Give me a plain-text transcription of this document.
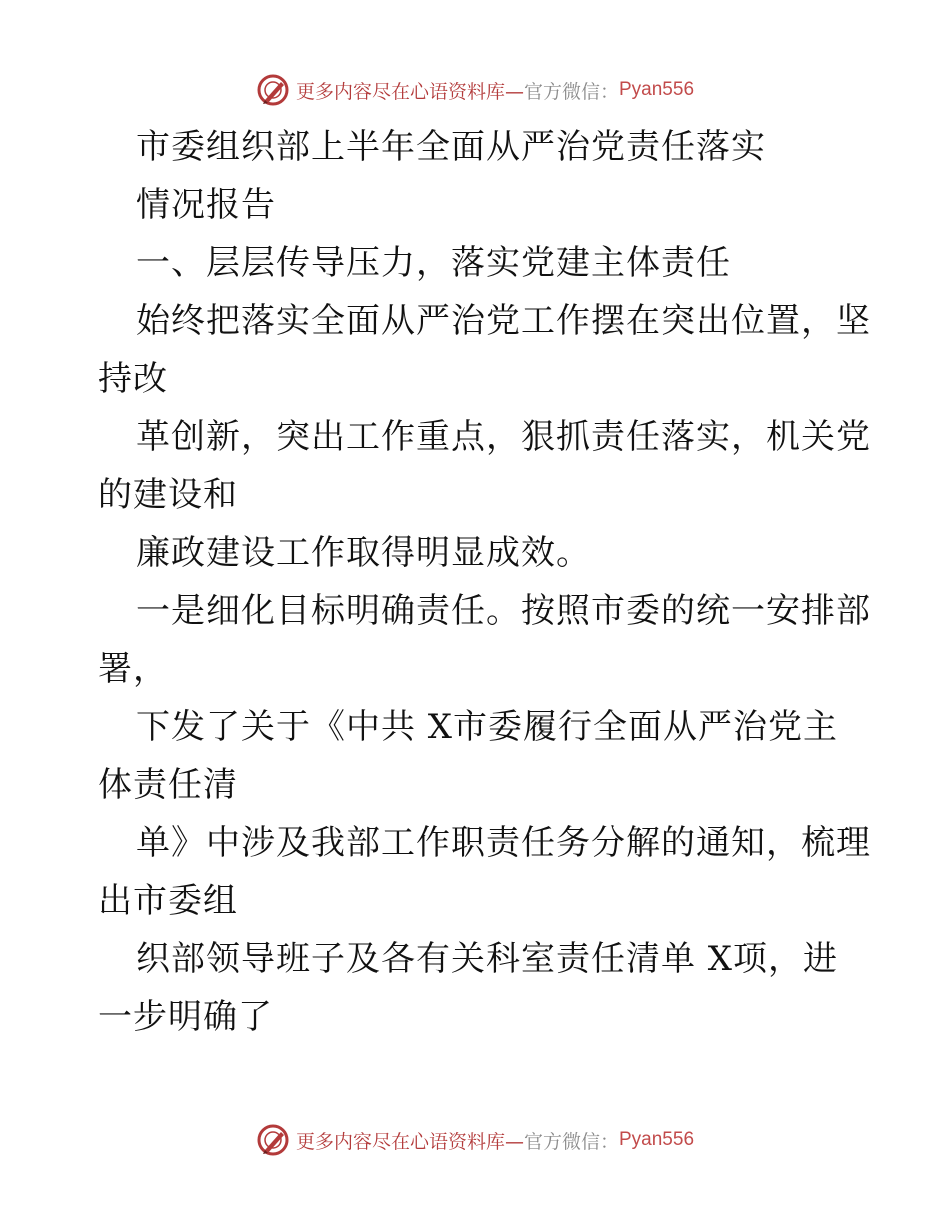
更多内容尽在心语资料库— 官方微信： Pyan556
市委组织部上半年全面从严治党责任落实
情况报告
一、层层传导压力，落实党建主体责任
始终把落实全面从严治党工作摆在突出位置，坚
持改
革创新，突出工作重点，狠抓责任落实，机关党
的建设和
廉政建设工作取得明显成效。
一是细化目标明确责任。按照市委的统一安排部
署，
下发了关于《中共 X市委履行全面从严治党主
体责任清
单》中涉及我部工作职责任务分解的通知，梳理
出市委组
织部领导班子及各有关科室责任清单 X项，进
一步明确了
更多内容尽在心语资料库— 官方微信： Pyan556
